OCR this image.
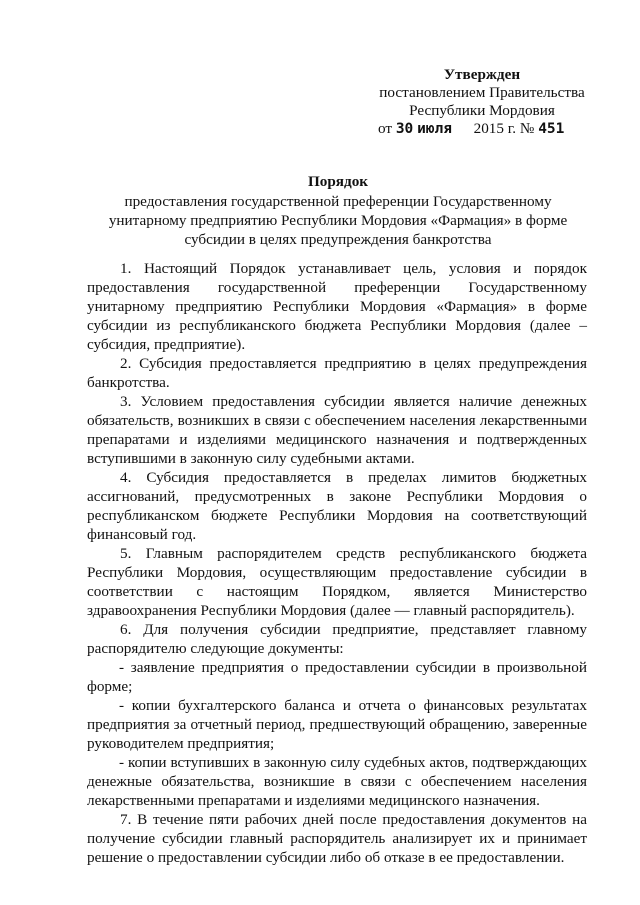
Утвержден
постановлением Правительства
Республики Мордовия
от 30 июля 2015 г. № 451
Порядок
предоставления государственной преференции Государственному
унитарному предприятию Республики Мордовия «Фармация» в форме
субсидии в целях предупреждения банкротства

1. Настоящий Порядок устанавливает цель, условия и порядок предоставления государственной преференции Государственному унитарному предприятию Республики Мордовия «Фармация» в форме субсидии из республиканского бюджета Республики Мордовия (далее – субсидия, предприятие).

2. Субсидия предоставляется предприятию в целях предупреждения банкротства.

3. Условием предоставления субсидии является наличие денежных обязательств, возникших в связи с обеспечением населения лекарственными препаратами и изделиями медицинского назначения и подтвержденных вступившими в законную силу судебными актами.

4. Субсидия предоставляется в пределах лимитов бюджетных ассигнований, предусмотренных в законе Республики Мордовия о республиканском бюджете Республики Мордовия на соответствующий финансовый год.

5. Главным распорядителем средств республиканского бюджета Республики Мордовия, осуществляющим предоставление субсидии в соответствии с настоящим Порядком, является Министерство здравоохранения Республики Мордовия (далее — главный распорядитель).

6. Для получения субсидии предприятие, представляет главному распорядителю следующие документы:

- заявление предприятия о предоставлении субсидии в произвольной форме;

- копии бухгалтерского баланса и отчета о финансовых результатах предприятия за отчетный период, предшествующий обращению, заверенные руководителем предприятия;

- копии вступивших в законную силу судебных актов, подтверждающих денежные обязательства, возникшие в связи с обеспечением населения лекарственными препаратами и изделиями медицинского назначения.

7. В течение пяти рабочих дней после предоставления документов на получение субсидии главный распорядитель анализирует их и принимает решение о предоставлении субсидии либо об отказе в ее предоставлении.
